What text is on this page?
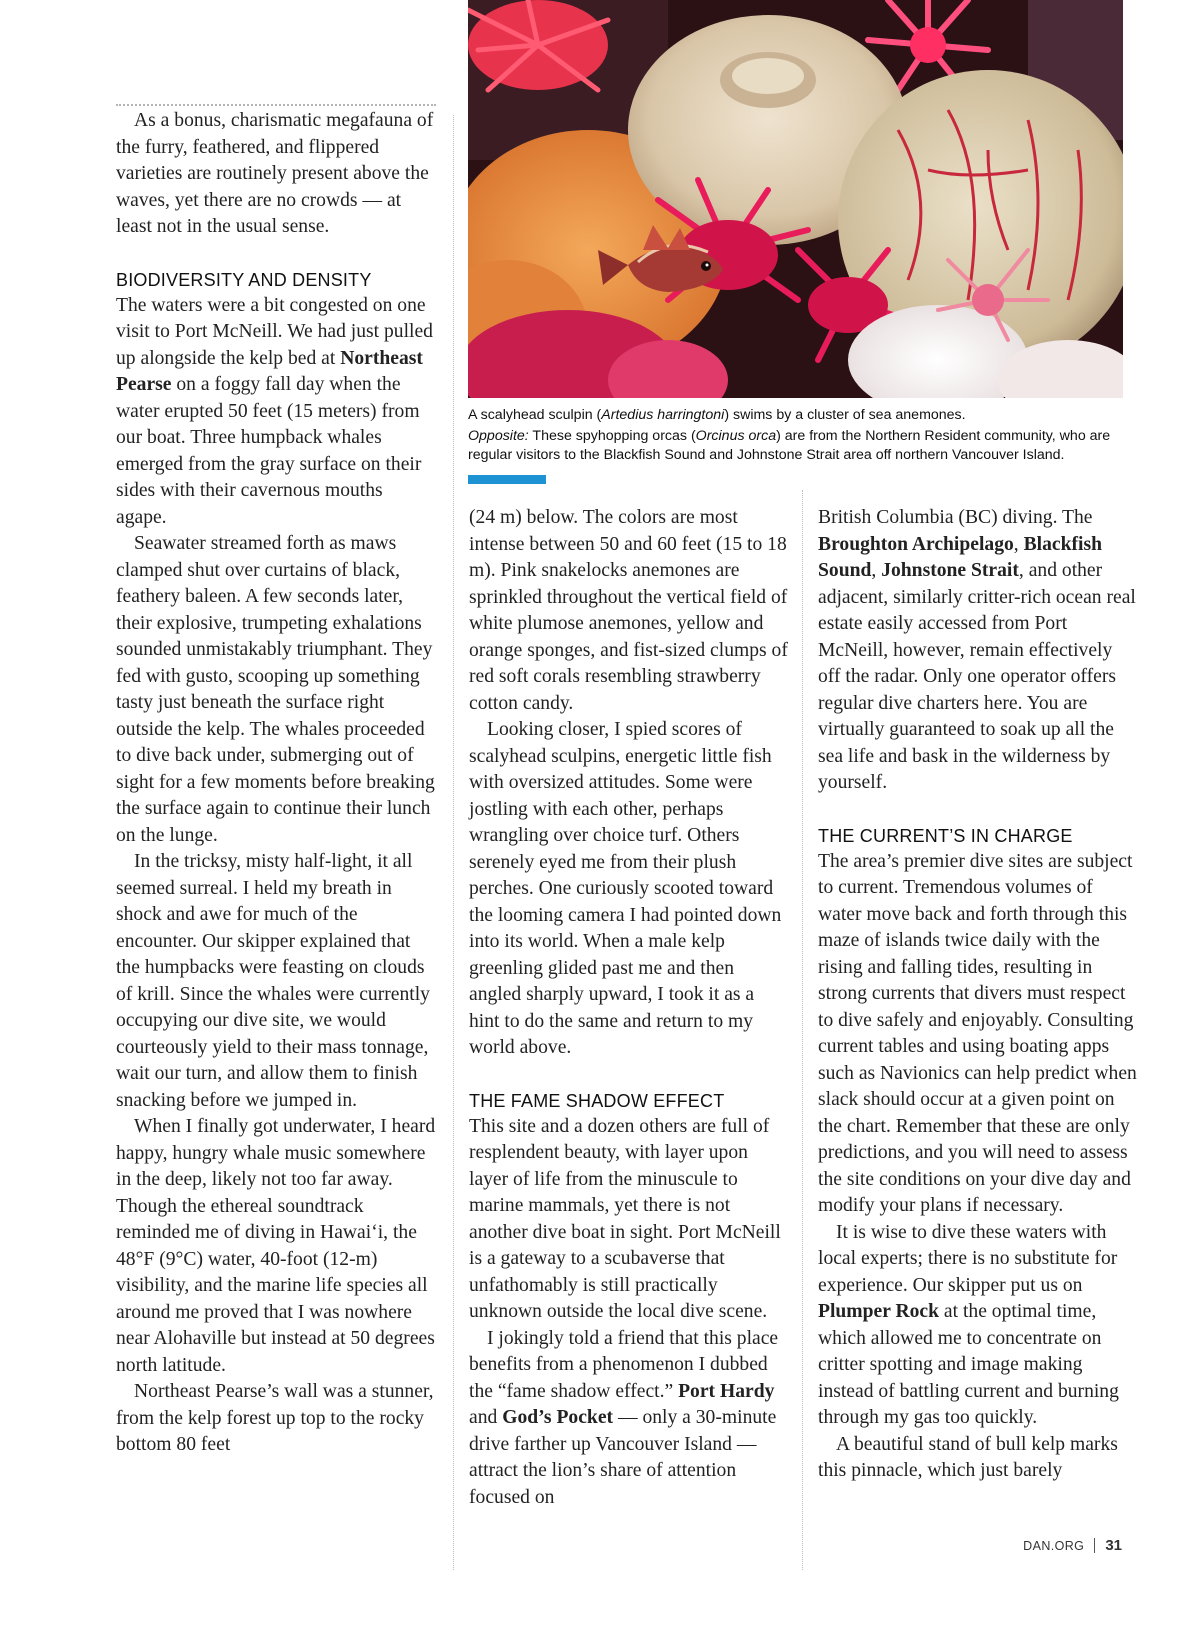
A scalyhead sculpin (Artedius harringtoni) swims by a cluster of sea anemones.

Opposite: These spyhopping orcas (Orcinus orca) are from the Northern Resident community, who are regular visitors to the Blackfish Sound and Johnstone Strait area off northern Vancouver Island.

As a bonus, charismatic megafauna of the furry, feathered, and flippered varieties are routinely present above the waves, yet there are no crowds — at least not in the usual sense.

BIODIVERSITY AND DENSITY

The waters were a bit congested on one visit to Port McNeill. We had just pulled up alongside the kelp bed at Northeast Pearse on a foggy fall day when the water erupted 50 feet (15 meters) from our boat. Three humpback whales emerged from the gray surface on their sides with their cavernous mouths agape.

Seawater streamed forth as maws clamped shut over curtains of black, feathery baleen. A few seconds later, their explosive, trumpeting exhalations sounded unmistakably triumphant. They fed with gusto, scooping up something tasty just beneath the surface right outside the kelp. The whales proceeded to dive back under, submerging out of sight for a few moments before breaking the surface again to continue their lunch on the lunge.

In the tricksy, misty half-light, it all seemed surreal. I held my breath in shock and awe for much of the encounter. Our skipper explained that the humpbacks were feasting on clouds of krill. Since the whales were currently occupying our dive site, we would courteously yield to their mass tonnage, wait our turn, and allow them to finish snacking before we jumped in.

When I finally got underwater, I heard happy, hungry whale music somewhere in the deep, likely not too far away. Though the ethereal soundtrack reminded me of diving in Hawaiʻi, the 48°F (9°C) water, 40-foot (12-m) visibility, and the marine life species all around me proved that I was nowhere near Alohaville but instead at 50 degrees north latitude.

Northeast Pearse’s wall was a stunner, from the kelp forest up top to the rocky bottom 80 feet

(24 m) below. The colors are most intense between 50 and 60 feet (15 to 18 m). Pink snakelocks anemones are sprinkled throughout the vertical field of white plumose anemones, yellow and orange sponges, and fist-sized clumps of red soft corals resembling strawberry cotton candy.

Looking closer, I spied scores of scalyhead sculpins, energetic little fish with oversized attitudes. Some were jostling with each other, perhaps wrangling over choice turf. Others serenely eyed me from their plush perches. One curiously scooted toward the looming camera I had pointed down into its world. When a male kelp greenling glided past me and then angled sharply upward, I took it as a hint to do the same and return to my world above.

THE FAME SHADOW EFFECT

This site and a dozen others are full of resplendent beauty, with layer upon layer of life from the minuscule to marine mammals, yet there is not another dive boat in sight. Port McNeill is a gateway to a scubaverse that unfathomably is still practically unknown outside the local dive scene.

I jokingly told a friend that this place benefits from a phenomenon I dubbed the “fame shadow effect.” Port Hardy and God’s Pocket — only a 30-minute drive farther up Vancouver Island — attract the lion’s share of attention focused on

British Columbia (BC) diving. The Broughton Archipelago, Blackfish Sound, Johnstone Strait, and other adjacent, similarly critter-rich ocean real estate easily accessed from Port McNeill, however, remain effectively off the radar. Only one operator offers regular dive charters here. You are virtually guaranteed to soak up all the sea life and bask in the wilderness by yourself.

THE CURRENT’S IN CHARGE

The area’s premier dive sites are subject to current. Tremendous volumes of water move back and forth through this maze of islands twice daily with the rising and falling tides, resulting in strong currents that divers must respect to dive safely and enjoyably. Consulting current tables and using boating apps such as Navionics can help predict when slack should occur at a given point on the chart. Remember that these are only predictions, and you will need to assess the site conditions on your dive day and modify your plans if necessary.

It is wise to dive these waters with local experts; there is no substitute for experience. Our skipper put us on Plumper Rock at the optimal time, which allowed me to concentrate on critter spotting and image making instead of battling current and burning through my gas too quickly.

A beautiful stand of bull kelp marks this pinnacle, which just barely

DAN.ORG 31
